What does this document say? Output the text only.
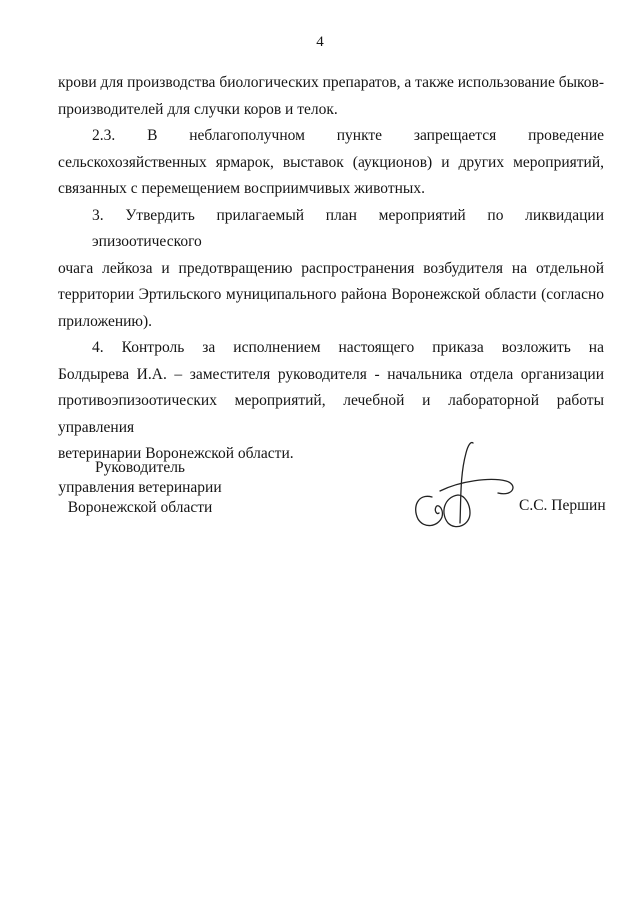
4

крови для производства биологических препаратов, а также использование быков-
производителей для случки коров и телок.

2.3. В неблагополучном пункте запрещается проведение
сельскохозяйственных ярмарок, выставок (аукционов) и других мероприятий,
связанных с перемещением восприимчивых животных.

3. Утвердить прилагаемый план мероприятий по ликвидации эпизоотического
очага лейкоза и предотвращению распространения возбудителя на отдельной
территории Эртильского муниципального района Воронежской области (согласно
приложению).

4. Контроль за исполнением настоящего приказа возложить на
Болдырева И.А. – заместителя руководителя - начальника отдела организации
противоэпизоотических мероприятий, лечебной и лабораторной работы управления
ветеринарии Воронежской области.

Руководитель
управления ветеринарии
Воронежской области	С.С. Першин
